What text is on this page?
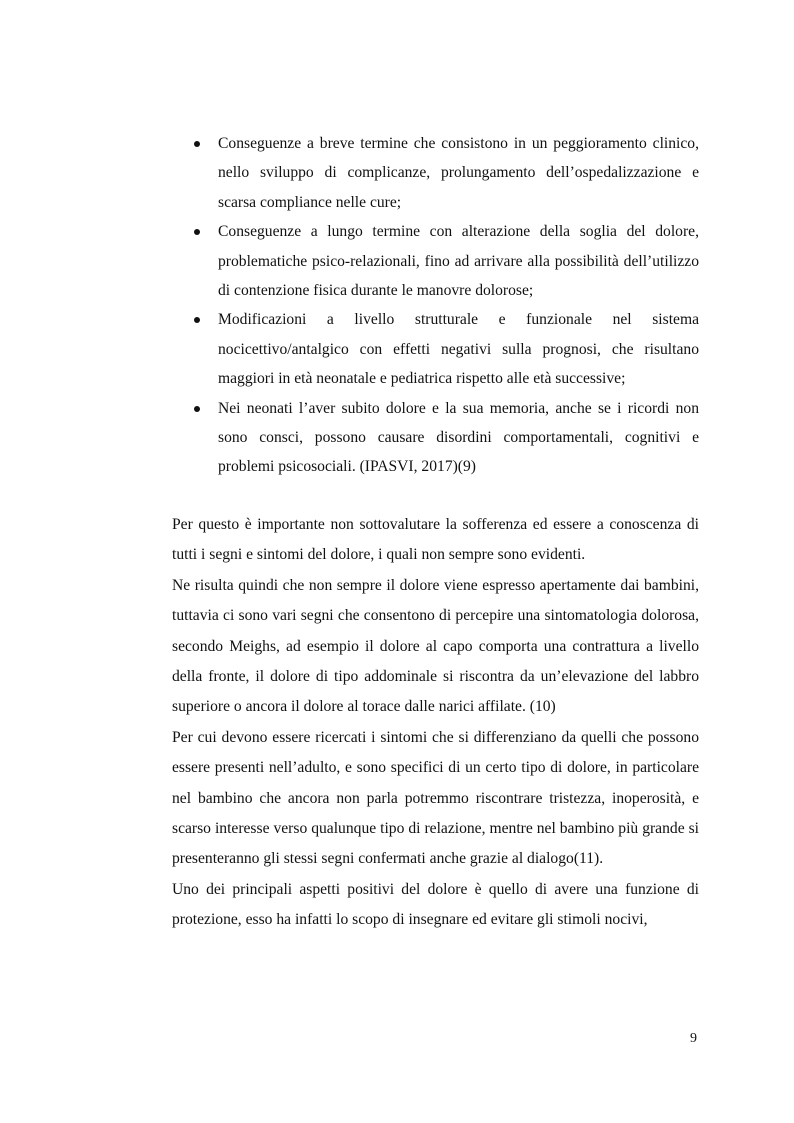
Conseguenze a breve termine che consistono in un peggioramento clinico, nello sviluppo di complicanze, prolungamento dell’ospedalizzazione e scarsa compliance nelle cure;
Conseguenze a lungo termine con alterazione della soglia del dolore, problematiche psico-relazionali, fino ad arrivare alla possibilità dell’utilizzo di contenzione fisica durante le manovre dolorose;
Modificazioni a livello strutturale e funzionale nel sistema nocicettivo/antalgico con effetti negativi sulla prognosi, che risultano maggiori in età neonatale e pediatrica rispetto alle età successive;
Nei neonati l’aver subito dolore e la sua memoria, anche se i ricordi non sono consci, possono causare disordini comportamentali, cognitivi e problemi psicosociali. (IPASVI, 2017)(9)

Per questo è importante non sottovalutare la sofferenza ed essere a conoscenza di tutti i segni e sintomi del dolore, i quali non sempre sono evidenti.

Ne risulta quindi che non sempre il dolore viene espresso apertamente dai bambini, tuttavia ci sono vari segni che consentono di percepire una sintomatologia dolorosa, secondo Meighs, ad esempio il dolore al capo comporta una contrattura a livello della fronte, il dolore di tipo addominale si riscontra da un’elevazione del labbro superiore o ancora il dolore al torace dalle narici affilate. (10)

Per cui devono essere ricercati i sintomi che si differenziano da quelli che possono essere presenti nell’adulto, e sono specifici di un certo tipo di dolore, in particolare nel bambino che ancora non parla potremmo riscontrare tristezza, inoperosità, e scarso interesse verso qualunque tipo di relazione, mentre nel bambino più grande si presenteranno gli stessi segni confermati anche grazie al dialogo(11).

Uno dei principali aspetti positivi del dolore è quello di avere una funzione di protezione, esso ha infatti lo scopo di insegnare ed evitare gli stimoli nocivi,

9
